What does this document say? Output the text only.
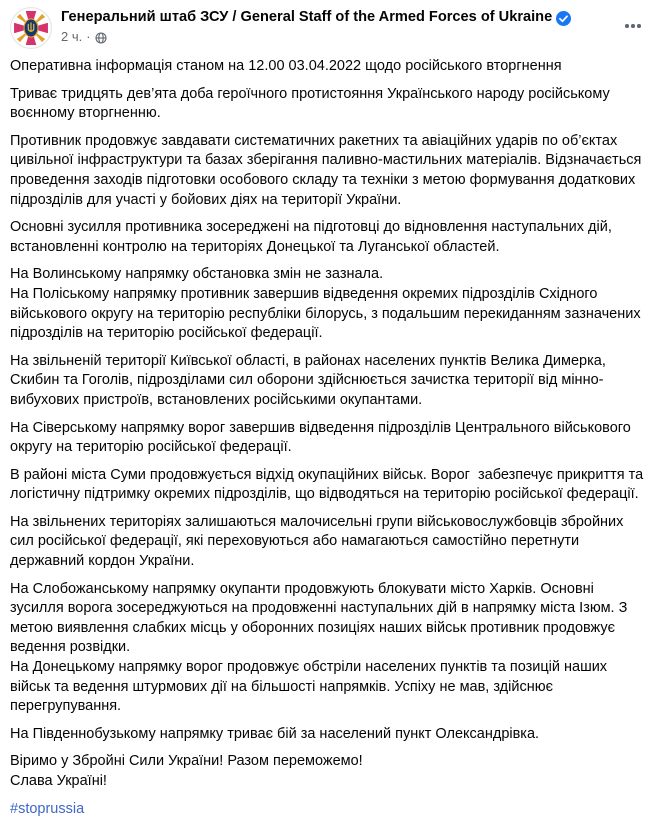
Генеральний штаб ЗСУ / General Staff of the Armed Forces of Ukraine
2 ч. ·
Оперативна інформація станом на 12.00 03.04.2022 щодо російського вторгнення
Триває тридцять дев’ята доба героїчного протистояння Українського народу російському воєнному вторгненню.
Противник продовжує завдавати систематичних ракетних та авіаційних ударів по об’єктах цивільної інфраструктури та базах зберігання паливно-мастильних матеріалів. Відзначається проведення заходів підготовки особового складу та техніки з метою формування додаткових підрозділів для участі у бойових діях на території України.
Основні зусилля противника зосереджені на підготовці до відновлення наступальних дій, встановленні контролю на територіях Донецької та Луганської областей.
На Волинському напрямку обстановка змін не зазнала.
На Поліському напрямку противник завершив відведення окремих підрозділів Східного військового округу на територію республіки білорусь, з подальшим перекиданням зазначених підрозділів на територію російської федерації.
На звільненій території Київської області, в районах населених пунктів Велика Димерка, Скибин та Гоголів, підрозділами сил оборони здійснюється зачистка території від мінно-вибухових пристроїв, встановлених російськими окупантами.
На Сіверському напрямку ворог завершив відведення підрозділів Центрального військового округу на територію російської федерації.
В районі міста Суми продовжується відхід окупаційних військ. Ворог  забезпечує прикриття та логістичну підтримку окремих підрозділів, що відводяться на територію російської федерації.
На звільнених територіях залишаються малочисельні групи військовослужбовців збройних сил російської федерації, які переховуються або намагаються самостійно перетнути державний кордон України.
На Слобожанському напрямку окупанти продовжують блокувати місто Харків. Основні зусилля ворога зосереджуються на продовженні наступальних дій в напрямку міста Ізюм. З метою виявлення слабких місць у оборонних позиціях наших військ противник продовжує ведення розвідки.
На Донецькому напрямку ворог продовжує обстріли населених пунктів та позицій наших військ та ведення штурмових дії на більшості напрямків. Успіху не мав, здійснює перегрупування.
На Південнобузькому напрямку триває бій за населений пункт Олександрівка.
Віримо у Збройні Сили України! Разом переможемо!
Слава Україні!
#stoprussia
